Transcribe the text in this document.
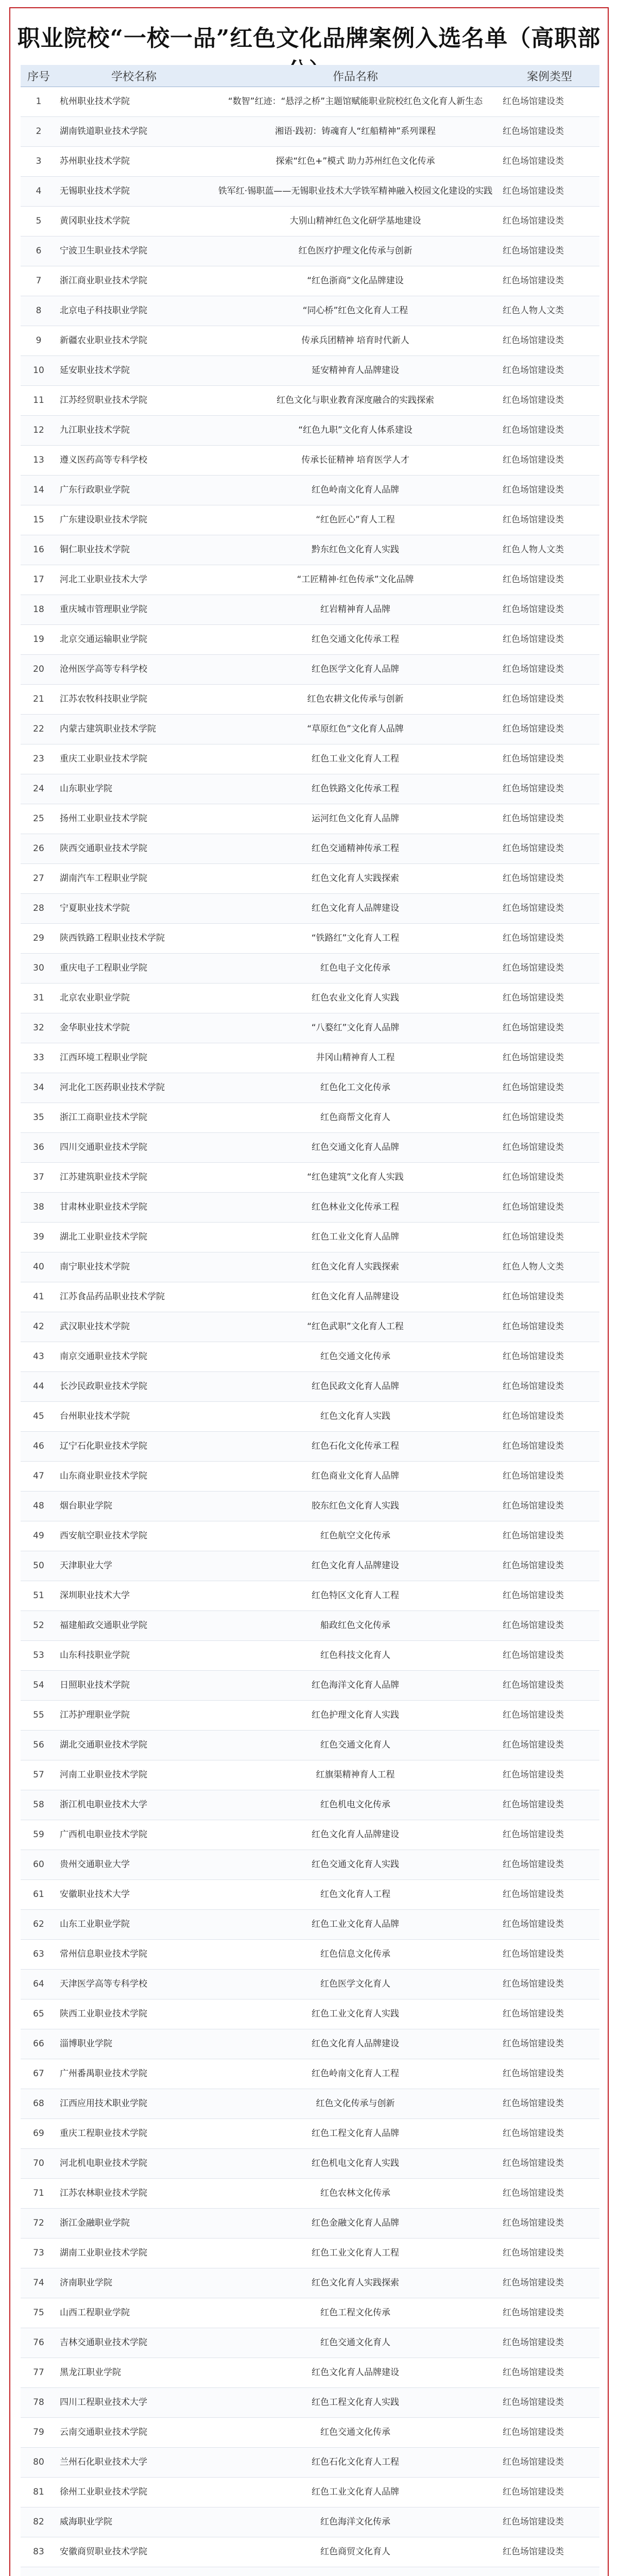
职业院校“一校一品”红色文化品牌案例入选名单（高职部
序号	学校名称	作品名称	案例类型
1	杭州职业技术学院	“数智”红迹：“悬浮之桥”主题馆赋能职业院校红色文化育人新生态	红色场馆建设类
2	湖南铁道职业技术学院	湘语·践初：铸魂育人“红船精神”系列课程	红色场馆建设类
3	苏州职业技术学院	探索“红色+”模式 助力苏州红色文化传承	红色场馆建设类
4	无锡职业技术学院	铁军红·锡职蓝——无锡职业技术大学铁军精神融入校园文化建设的实践	红色场馆建设类
5	黄冈职业技术学院	大别山精神红色文化研学基地建设	红色场馆建设类
6	宁波卫生职业技术学院	红色医疗护理文化传承与创新	红色场馆建设类
7	浙江商业职业技术学院	“红色浙商”文化品牌建设	红色场馆建设类
8	北京电子科技职业学院	“同心桥”红色文化育人工程	红色人物人文类
9	新疆农业职业技术学院	传承兵团精神 培育时代新人	红色场馆建设类
10	延安职业技术学院	延安精神育人品牌建设	红色场馆建设类
11	江苏经贸职业技术学院	红色文化与职业教育深度融合的实践探索	红色场馆建设类
12	九江职业技术学院	“红色九职”文化育人体系建设	红色场馆建设类
13	遵义医药高等专科学校	传承长征精神 培育医学人才	红色场馆建设类
14	广东行政职业学院	红色岭南文化育人品牌	红色场馆建设类
15	广东建设职业技术学院	“红色匠心”育人工程	红色场馆建设类
16	铜仁职业技术学院	黔东红色文化育人实践	红色人物人文类
17	河北工业职业技术大学	“工匠精神·红色传承”文化品牌	红色场馆建设类
18	重庆城市管理职业学院	红岩精神育人品牌	红色场馆建设类
19	北京交通运输职业学院	红色交通文化传承工程	红色场馆建设类
20	沧州医学高等专科学校	红色医学文化育人品牌	红色场馆建设类
21	江苏农牧科技职业学院	红色农耕文化传承与创新	红色场馆建设类
22	内蒙古建筑职业技术学院	“草原红色”文化育人品牌	红色场馆建设类
23	重庆工业职业技术学院	红色工业文化育人工程	红色场馆建设类
24	山东职业学院	红色铁路文化传承工程	红色场馆建设类
25	扬州工业职业技术学院	运河红色文化育人品牌	红色场馆建设类
26	陕西交通职业技术学院	红色交通精神传承工程	红色场馆建设类
27	湖南汽车工程职业学院	红色文化育人实践探索	红色场馆建设类
28	宁夏职业技术学院	红色文化育人品牌建设	红色场馆建设类
29	陕西铁路工程职业技术学院	“铁路红”文化育人工程	红色场馆建设类
30	重庆电子工程职业学院	红色电子文化传承	红色场馆建设类
31	北京农业职业学院	红色农业文化育人实践	红色场馆建设类
32	金华职业技术学院	“八婺红”文化育人品牌	红色场馆建设类
33	江西环境工程职业学院	井冈山精神育人工程	红色场馆建设类
34	河北化工医药职业技术学院	红色化工文化传承	红色场馆建设类
35	浙江工商职业技术学院	红色商帮文化育人	红色场馆建设类
36	四川交通职业技术学院	红色交通文化育人品牌	红色场馆建设类
37	江苏建筑职业技术学院	“红色建筑”文化育人实践	红色场馆建设类
38	甘肃林业职业技术学院	红色林业文化传承工程	红色场馆建设类
39	湖北工业职业技术学院	红色工业文化育人品牌	红色场馆建设类
40	南宁职业技术学院	红色文化育人实践探索	红色人物人文类
41	江苏食品药品职业技术学院	红色文化育人品牌建设	红色场馆建设类
42	武汉职业技术学院	“红色武职”文化育人工程	红色场馆建设类
43	南京交通职业技术学院	红色交通文化传承	红色场馆建设类
44	长沙民政职业技术学院	红色民政文化育人品牌	红色场馆建设类
45	台州职业技术学院	红色文化育人实践	红色场馆建设类
46	辽宁石化职业技术学院	红色石化文化传承工程	红色场馆建设类
47	山东商业职业技术学院	红色商业文化育人品牌	红色场馆建设类
48	烟台职业学院	胶东红色文化育人实践	红色场馆建设类
49	西安航空职业技术学院	红色航空文化传承	红色场馆建设类
50	天津职业大学	红色文化育人品牌建设	红色场馆建设类
51	深圳职业技术大学	红色特区文化育人工程	红色场馆建设类
52	福建船政交通职业学院	船政红色文化传承	红色场馆建设类
53	山东科技职业学院	红色科技文化育人	红色场馆建设类
54	日照职业技术学院	红色海洋文化育人品牌	红色场馆建设类
55	江苏护理职业学院	红色护理文化育人实践	红色场馆建设类
56	湖北交通职业技术学院	红色交通文化育人	红色场馆建设类
57	河南工业职业技术学院	红旗渠精神育人工程	红色场馆建设类
58	浙江机电职业技术大学	红色机电文化传承	红色场馆建设类
59	广西机电职业技术学院	红色文化育人品牌建设	红色场馆建设类
60	贵州交通职业大学	红色交通文化育人实践	红色场馆建设类
61	安徽职业技术大学	红色文化育人工程	红色场馆建设类
62	山东工业职业学院	红色工业文化育人品牌	红色场馆建设类
63	常州信息职业技术学院	红色信息文化传承	红色场馆建设类
64	天津医学高等专科学校	红色医学文化育人	红色场馆建设类
65	陕西工业职业技术学院	红色工业文化育人实践	红色场馆建设类
66	淄博职业学院	红色文化育人品牌建设	红色场馆建设类
67	广州番禺职业技术学院	红色岭南文化育人工程	红色场馆建设类
68	江西应用技术职业学院	红色文化传承与创新	红色场馆建设类
69	重庆工程职业技术学院	红色工程文化育人品牌	红色场馆建设类
70	河北机电职业技术学院	红色机电文化育人实践	红色场馆建设类
71	江苏农林职业技术学院	红色农林文化传承	红色场馆建设类
72	浙江金融职业学院	红色金融文化育人品牌	红色场馆建设类
73	湖南工业职业技术学院	红色工业文化育人工程	红色场馆建设类
74	济南职业学院	红色文化育人实践探索	红色场馆建设类
75	山西工程职业学院	红色工程文化传承	红色场馆建设类
76	吉林交通职业技术学院	红色交通文化育人	红色场馆建设类
77	黑龙江职业学院	红色文化育人品牌建设	红色场馆建设类
78	四川工程职业技术大学	红色工程文化育人实践	红色场馆建设类
79	云南交通职业技术学院	红色交通文化传承	红色场馆建设类
80	兰州石化职业技术大学	红色石化文化育人工程	红色场馆建设类
81	徐州工业职业技术学院	红色工业文化育人品牌	红色场馆建设类
82	威海职业学院	红色海洋文化传承	红色场馆建设类
83	安徽商贸职业技术学院	红色商贸文化育人	红色场馆建设类
